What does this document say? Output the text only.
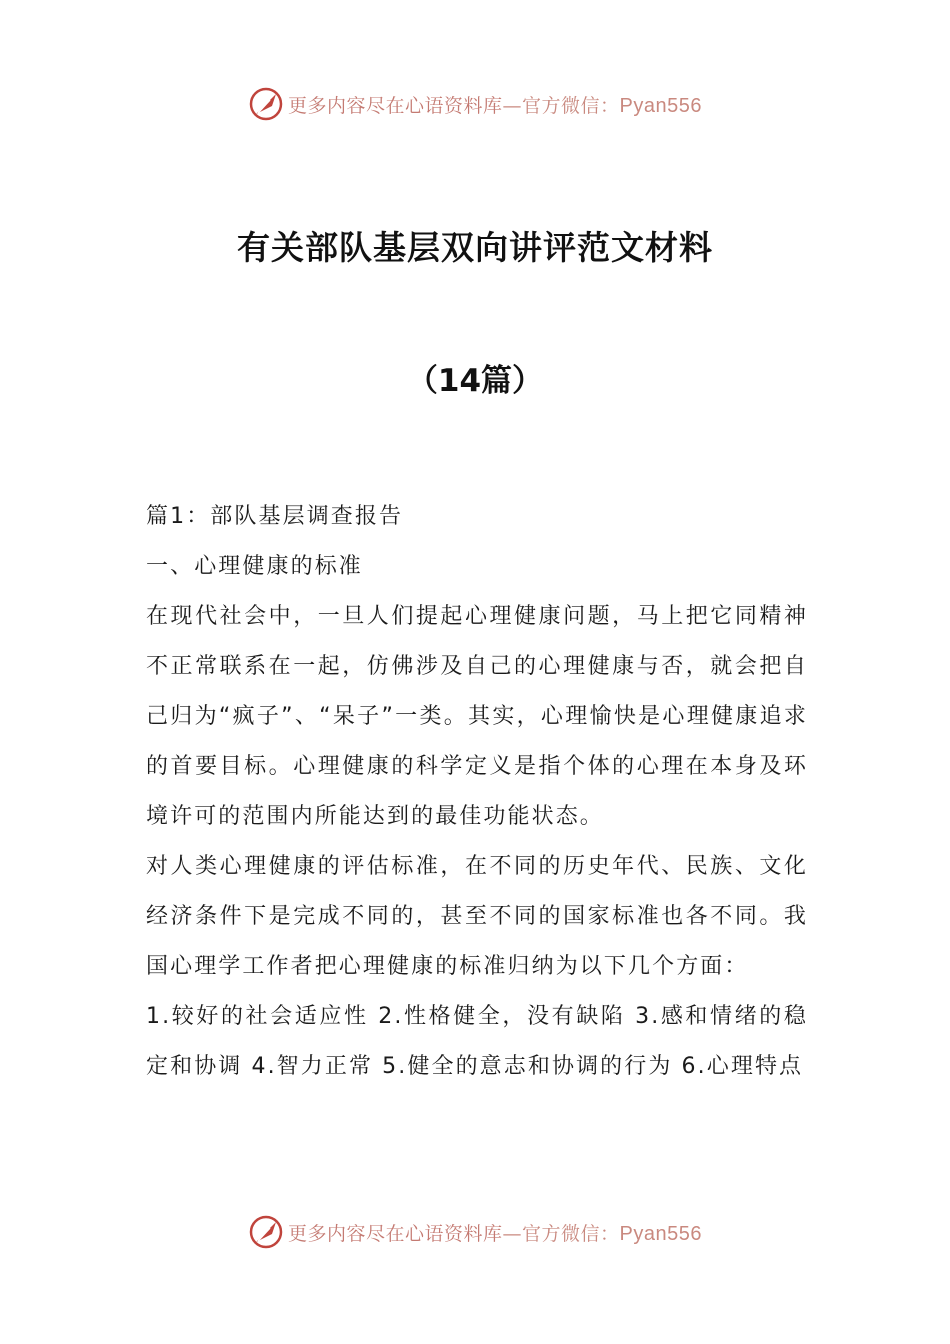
更多内容尽在心语资料库—官方微信：Pyan556
有关部队基层双向讲评范文材料
（14篇）

篇1：部队基层调查报告

一、心理健康的标准

在现代社会中，一旦人们提起心理健康问题，马上把它同精神不正常联系在一起，仿佛涉及自己的心理健康与否，就会把自己归为“疯子”、“呆子”一类。其实，心理愉快是心理健康追求的首要目标。心理健康的科学定义是指个体的心理在本身及环境许可的范围内所能达到的最佳功能状态。

对人类心理健康的评估标准，在不同的历史年代、民族、文化经济条件下是完成不同的，甚至不同的国家标准也各不同。我国心理学工作者把心理健康的标准归纳为以下几个方面：

1.较好的社会适应性 2.性格健全，没有缺陷 3.感和情绪的稳定和协调 4.智力正常 5.健全的意志和协调的行为 6.心理特点

更多内容尽在心语资料库—官方微信：Pyan556
